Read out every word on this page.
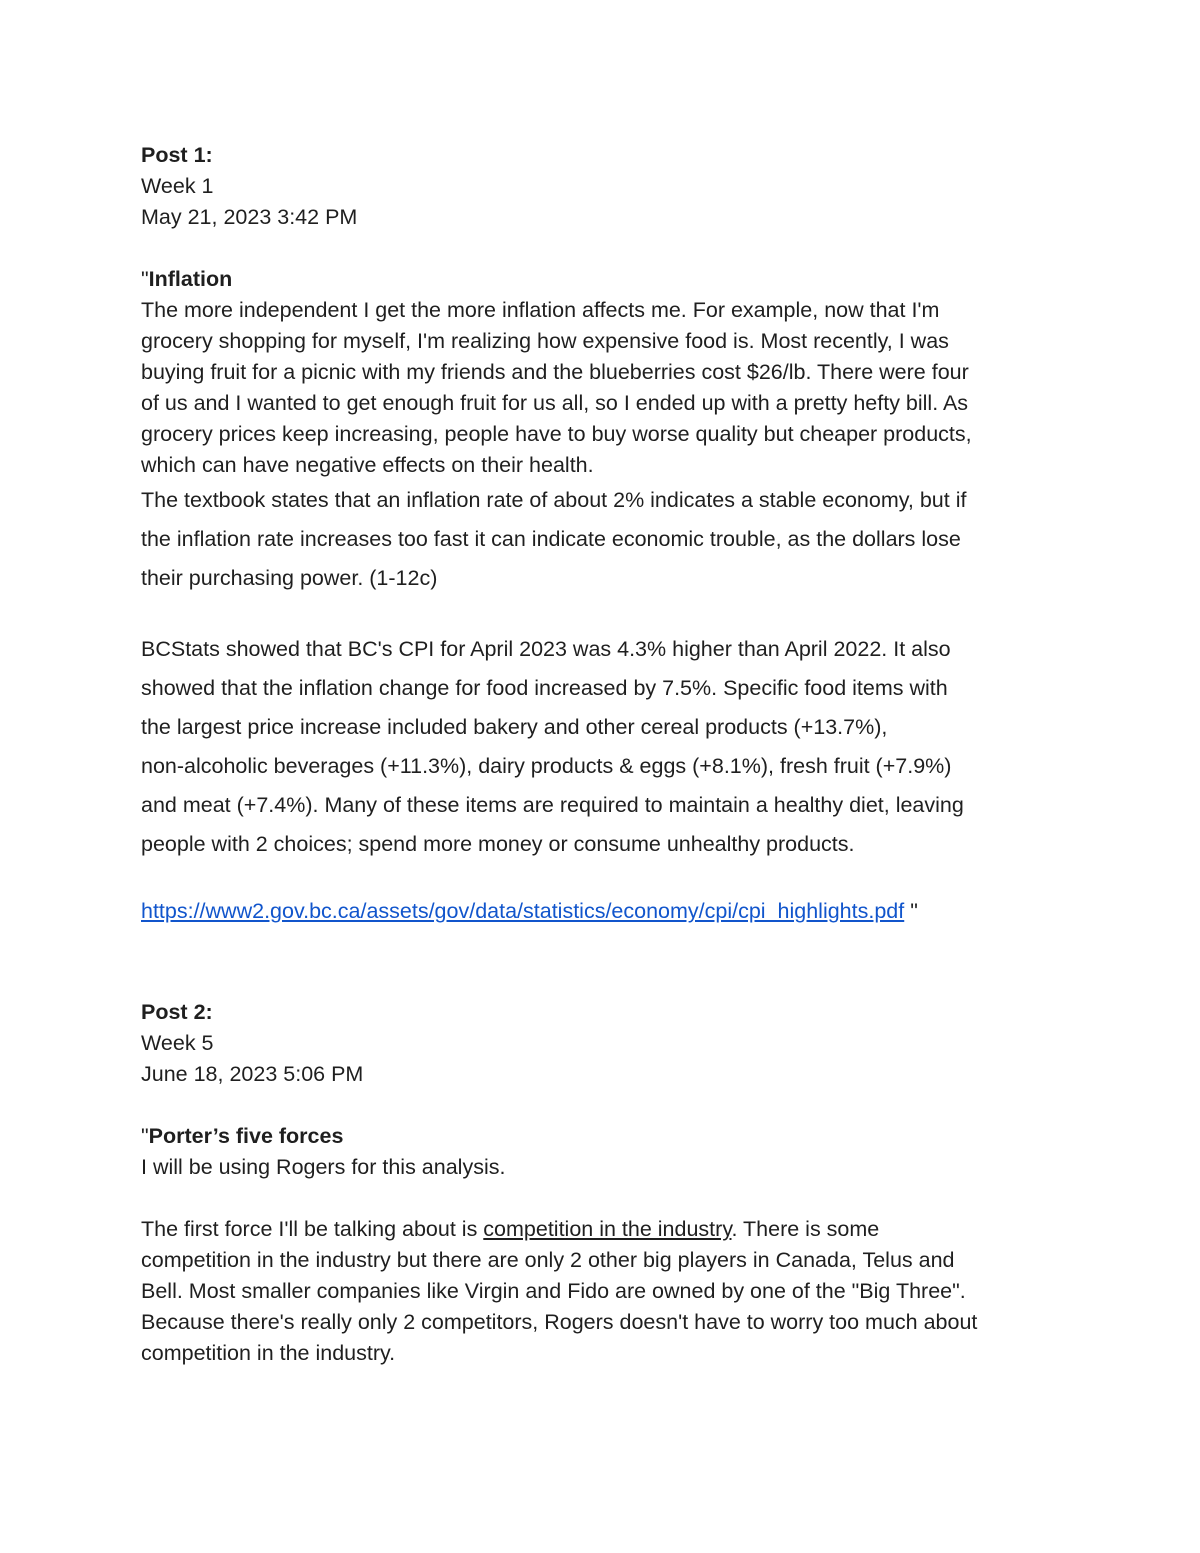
Post 1:
Week 1
May 21, 2023 3:42 PM
"Inflation
The more independent I get the more inflation affects me. For example, now that I'm
grocery shopping for myself, I'm realizing how expensive food is. Most recently, I was
buying fruit for a picnic with my friends and the blueberries cost $26/lb. There were four
of us and I wanted to get enough fruit for us all, so I ended up with a pretty hefty bill. As
grocery prices keep increasing, people have to buy worse quality but cheaper products,
which can have negative effects on their health.
The textbook states that an inflation rate of about 2% indicates a stable economy, but if
the inflation rate increases too fast it can indicate economic trouble, as the dollars lose
their purchasing power. (1-12c)
BCStats showed that BC's CPI for April 2023 was 4.3% higher than April 2022. It also
showed that the inflation change for food increased by 7.5%. Specific food items with
the largest price increase included bakery and other cereal products (+13.7%),
non-alcoholic beverages (+11.3%), dairy products & eggs (+8.1%), fresh fruit (+7.9%)
and meat (+7.4%). Many of these items are required to maintain a healthy diet, leaving
people with 2 choices; spend more money or consume unhealthy products.
https://www2.gov.bc.ca/assets/gov/data/statistics/economy/cpi/cpi_highlights.pdf "
Post 2:
Week 5
June 18, 2023 5:06 PM
"Porter’s five forces
I will be using Rogers for this analysis.
The first force I'll be talking about is competition in the industry. There is some
competition in the industry but there are only 2 other big players in Canada, Telus and
Bell. Most smaller companies like Virgin and Fido are owned by one of the "Big Three".
Because there's really only 2 competitors, Rogers doesn't have to worry too much about
competition in the industry.
